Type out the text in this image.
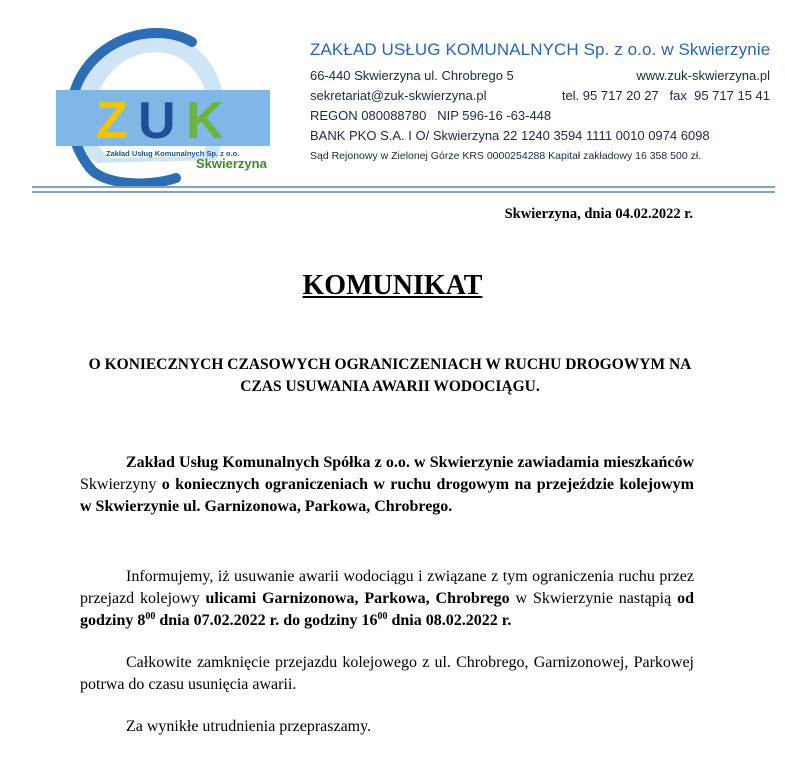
Z U K
Zakład Usług Komunalnych Sp. z o.o.
Skwierzyna
ZAKŁAD USŁUG KOMUNALNYCH Sp. z o.o. w Skwierzynie
66-440 Skwierzyna ul. Chrobrego 5	www.zuk-skwierzyna.pl
sekretariat@zuk-skwierzyna.pl	tel. 95 717 20 27   fax  95 717 15 41
REGON 080088780   NIP 596-16 -63-448
BANK PKO S.A. I O/ Skwierzyna 22 1240 3594 1111 0010 0974 6098
Sąd Rejonowy w Zielonej Górze KRS 0000254288 Kapitał zakładowy 16 358 500 zł.
Skwierzyna, dnia 04.02.2022 r.
KOMUNIKAT
O KONIECZNYCH CZASOWYCH OGRANICZENIACH W RUCHU DROGOWYM NA CZAS USUWANIA AWARII WODOCIĄGU.
Zakład Usług Komunalnych Spółka z o.o. w Skwierzynie zawiadamia mieszkańców Skwierzyny o koniecznych ograniczeniach w ruchu drogowym na przejeździe kolejowym w Skwierzynie ul. Garnizonowa, Parkowa, Chrobrego.
Informujemy, iż usuwanie awarii wodociągu i związane z tym ograniczenia ruchu przez przejazd kolejowy ulicami Garnizonowa, Parkowa, Chrobrego w Skwierzynie nastąpią od godziny $8^{00}$ dnia 07.02.2022 r. do godziny $16^{00}$ dnia 08.02.2022 r.
Całkowite zamknięcie przejazdu kolejowego z ul. Chrobrego, Garnizonowej, Parkowej potrwa do czasu usunięcia awarii.
Za wynikłe utrudnienia przepraszamy.
